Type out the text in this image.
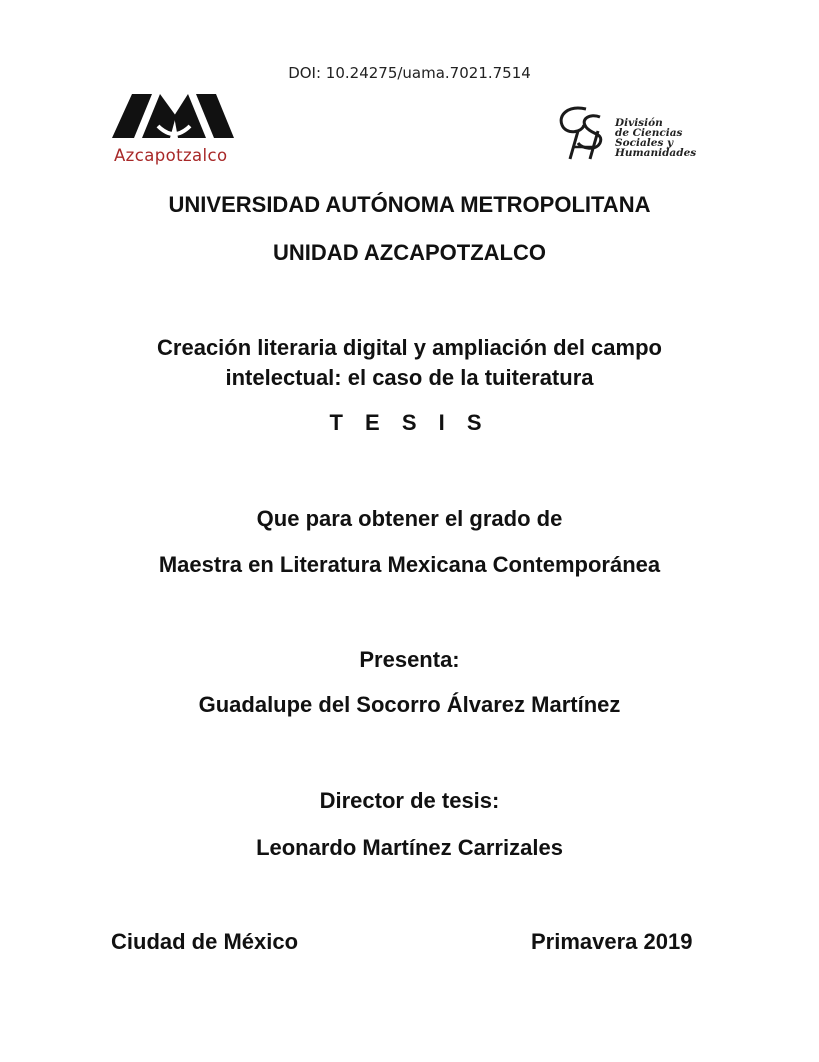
DOI: 10.24275/uama.7021.7514
Azcapotzalco
División
de Ciencias
Sociales y
Humanidades
UNIVERSIDAD AUTÓNOMA METROPOLITANA
UNIDAD AZCAPOTZALCO
Creación literaria digital y ampliación del campo
intelectual: el caso de la tuiteratura
T E S I S
Que para obtener el grado de
Maestra en Literatura Mexicana Contemporánea
Presenta:
Guadalupe del Socorro Álvarez Martínez
Director de tesis:
Leonardo Martínez Carrizales
Ciudad de México	Primavera 2019
